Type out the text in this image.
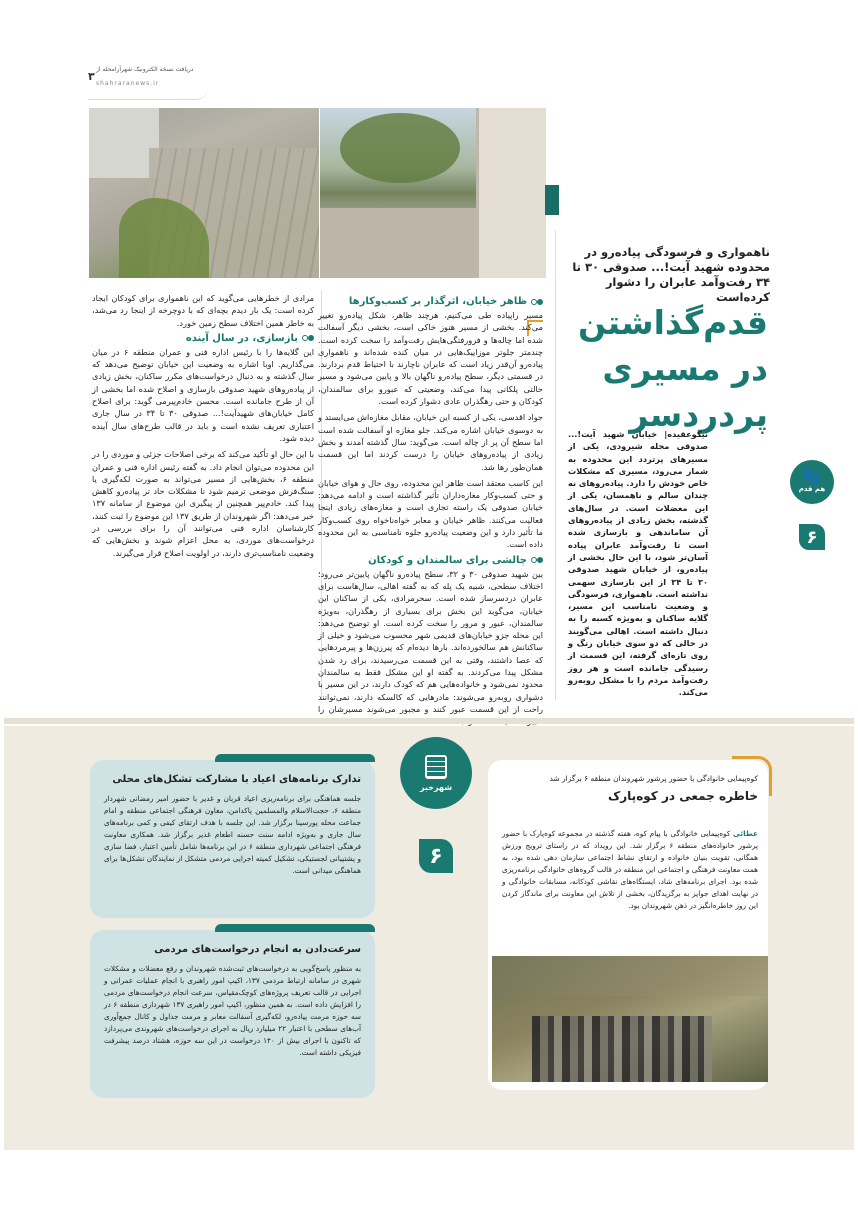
۳
دریافت نسخه الکترونیک شهرآرامحله از
shahraranews.ir
ناهمواری و فرسودگی پیاده‌رو در محدوده شهید آیت!... صدوقی ۳۰ تا ۳۴ رفت‌وآمد عابران را دشوار کرده‌است
قدم‌گذاشتن در مسیری پردردسر
👣
هم قدم
۶
نیکوعقیده| خیابان شهید آیت!... صدوقی محله شیرودی، یکی از مسیرهای پرتردد این محدوده به شمار می‌رود، مسیری که مشکلات خاص خودش را دارد. پیاده‌روهای نه چندان سالم و ناهمسان، یکی از این معضلات است. در سال‌های گذشته، بخش زیادی از پیاده‌روهای آن ساماندهی و بازسازی شده است تا رفت‌وآمد عابران پیاده آسان‌تر شود، با این حال بخشی از پیاده‌رو، از خیابان شهید صدوقی ۳۰ تا ۳۴ از این بازسازی سهمی نداشته است. ناهمواری، فرسودگی و وضعیت نامناسب این مسیر، گلایه ساکنان و به‌ویژه کسبه را به دنبال داشته است. اهالی می‌گویند در حالی که دو سوی خیابان رنگ و روی تازه‌ای گرفته، این قسمت از رسیدگی جامانده است و هر روز رفت‌وآمد مردم را با مشکل روبه‌رو می‌کند.
ظاهر خیابان، اثرگذار بر کسب‌وکارها

مسیر راپیاده طی می‌کنیم، هرچند ظاهر، شکل پیاده‌رو تغییر می‌کند. بخشی از مسیر هنوز خاکی است، بخشی دیگر آسفالت شده اما چاله‌ها و فرورفتگی‌هایش رفت‌وآمد را سخت کرده است. چندمتر جلوتر موزاییک‌هایی در میان کنده شده‌اند و ناهمواری پیاده‌رو آن‌قدر زیاد است که عابران ناچارند با احتیاط قدم بردارند. در قسمتی دیگر، سطح پیاده‌رو ناگهان بالا و پایین می‌شود و مسیر حالتی پلکانی پیدا می‌کند، وضعیتی که عبورو برای سالمندان، کودکان و حتی رهگذران عادی دشوار کرده است.

جواد اقدسی، یکی از کسبه این خیابان، مقابل مغازه‌اش می‌ایستد و به دوسوی خیابان اشاره می‌کند. جلو مغازه او آسفالت شده است اما سطح آن پر از چاله است. می‌گوید: سال گذشته آمدند و بخش زیادی از پیاده‌روهای خیابان را درست کردند اما این قسمت همان‌طور رها شد.

این کاسب معتقد است ظاهر این محدوده، روی حال و هوای خیابان و حتی کسب‌وکار مغازه‌داران تأثیر گذاشته است و ادامه می‌دهد: خیابان صدوقی یک راسته تجاری است و مغازه‌های زیادی اینجا فعالیت می‌کنند. ظاهر خیابان و معابر خواه‌ناخواه روی کسب‌وکار ما تأثیر دارد و این وضعیت پیاده‌رو جلوه نامناسبی به این محدوده داده است.

چالشی برای سالمندان و کودکان

بین شهید صدوقی ۳۰ و ۳۲، سطح پیاده‌رو ناگهان پایین‌تر می‌رود؛ اختلاف سطحی، شبیه یک پله که به گفته اهالی، سال‌هاست برای عابران دردسرساز شده است. سحرمرادی، یکی از ساکنان این خیابان، می‌گوید این بخش برای بسیاری از رهگذران، به‌ویژه سالمندان، عبور و مرور را سخت کرده است. او توضیح می‌دهد: این محله جزو خیابان‌های قدیمی شهر محسوب می‌شود و خیلی از ساکنانش هم سالخورده‌اند. بارها دیده‌ام که پیرزن‌ها و پیرمردهایی که عصا داشتند، وقتی به این قسمت می‌رسیدند، برای رد شدن مشکل پیدا می‌کردند. به گفته او این مشکل فقط به سالمندان محدود نمی‌شود و خانواده‌هایی هم که کودک دارند، در این مسیر با دشواری روبه‌رو می‌شوند: مادرهایی که کالسکه دارند، نمی‌توانند راحت از این قسمت عبور کنند و مجبور می‌شوند مسیرشان را

مرادی از خطرهایی می‌گوید که این ناهمواری برای کودکان ایجاد کرده است: یک بار دیدم بچه‌ای که با دوچرخه از اینجا رد می‌شد، به خاطر همین اختلاف سطح زمین خورد.

بازسازی، در سال آینده

این گلایه‌ها را با رئیس اداره فنی و عمران منطقه ۶ در میان می‌گذاریم. اوبا اشاره به وضعیت این خیابان توضیح می‌دهد که سال گذشته و به دنبال درخواست‌های مکرر ساکنان، بخش زیادی از پیاده‌روهای شهید صدوقی بازسازی و اصلاح شده اما بخشی از آن از طرح جامانده است. محسن خادم‌پیرمی گوید: برای اصلاح کامل خیابان‌های شهیدآیت!... صدوقی ۳۰ تا ۳۴ در سال جاری اعتباری تعریف نشده است و باید در قالب طرح‌های سال آینده دیده شود.

با این حال او تأکید می‌کند که برخی اصلاحات جزئی و موردی را در این محدوده می‌توان انجام داد. به گفته رئیس اداره فنی و عمران منطقه ۶، بخش‌هایی از مسیر می‌تواند به صورت لکه‌گیری یا سنگ‌فرش موضعی ترمیم شود تا مشکلات حاد تر پیاده‌رو کاهش پیدا کند. خادم‌پیر همچنین از پیگیری این موضوع از سامانه ۱۳۷ خبر می‌دهد: اگر شهروندان از طریق ۱۳۷ این موضوع را ثبت کنند، کارشناسان اداره فنی می‌توانند آن را برای بررسی در درخواست‌های موردی، به محل اعزام شوند و بخش‌هایی که وضعیت نامناسب‌تری دارند، در اولویت اصلاح قرار می‌گیرند.

تدارک برنامه‌های اعیاد با مشارکت تشکل‌های محلی

جلسه هماهنگی برای برنامه‌ریزی اعیاد قربان و غدیر با حضور امیر رمضانی شهردار منطقه ۶، حجت‌الاسلام والمسلمین پاکدامن، معاون فرهنگی اجتماعی منطقه و امام جماعت محله پورسینا برگزار شد. این جلسه با هدف ارتقای کیفی و کمی برنامه‌های سال جاری و به‌ویژه ادامه سنت حسنه اطعام غدیر برگزار شد. همکاری معاونت فرهنگی اجتماعی شهرداری منطقه ۶ در این برنامه‌ها شامل تأمین اعتبار، فضا سازی و پشتیبانی لجستیکی، تشکیل کمیته اجرایی مردمی متشکل از نمایندگان تشکل‌ها برای هماهنگی میدانی است.

سرعت‌دادن به انجام درخواست‌های مردمی

به منظور پاسخ‌گویی به درخواست‌های ثبت‌شده شهروندان و رفع معضلات و مشکلات شهری در سامانه ارتباط مردمی ۱۳۷، اکیپ امور راهبری با انجام عملیات عمرانی و اجرایی در قالب تعریف پروژه‌های کوچک‌مقیاس، سرعت انجام درخواست‌های مردمی را افزایش داده است. به همین منظور، اکیپ امور راهبری ۱۳۷ شهرداری منطقه ۶ در سه حوزه مرمت پیاده‌رو، لکه‌گیری آسفالت معابر و مرمت جداول و کانال جمع‌آوری آب‌های سطحی با اعتبار ۲۲ میلیارد ریال به اجرای درخواست‌های شهروندی می‌پردازد که تاکنون با اجرای بیش از ۱۴۰ درخواست در این سه حوزه، هشتاد درصد پیشرفت فیزیکی داشته است.

شهرخبر
۶
کوه‌پیمایی خانوادگی با حضور پرشور شهروندان منطقه ۶ برگزار شد
خاطره جمعی در کوه‌پارک
عطائی کوه‌پیمایی خانوادگی با پیام کوه، هفته گذشته در مجموعه کوه‌پارک با حضور پرشور خانواده‌های منطقه ۶ برگزار شد. این رویداد که در راستای ترویج ورزش همگانی، تقویت بنیان خانواده و ارتقای نشاط اجتماعی سازمان دهی شده بود، به همت معاونت فرهنگی و اجتماعی این منطقه در قالب گروه‌های خانوادگی برنامه‌ریزی شده بود. اجرای برنامه‌های شاد، ایستگاه‌های نقاشی کودکانه، مسابقات خانوادگی و در نهایت اهدای جوایز به برگزیدگان، بخشی از تلاش این معاونت برای ماندگار کردن این روز خاطره‌انگیز در ذهن شهروندان بود.
